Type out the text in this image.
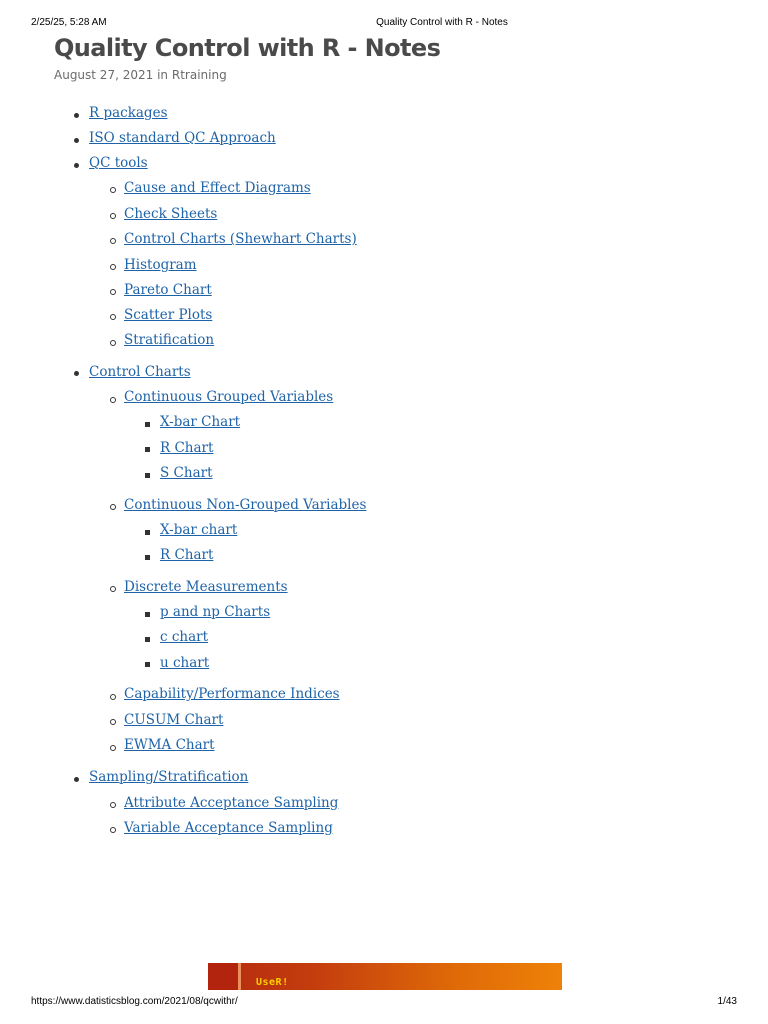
2/25/25, 5:28 AM	Quality Control with R - Notes
Quality Control with R - Notes
August 27, 2021 in Rtraining
R packages
ISO standard QC Approach
QC tools
Cause and Effect Diagrams
Check Sheets
Control Charts (Shewhart Charts)
Histogram
Pareto Chart
Scatter Plots
Stratification
Control Charts
Continuous Grouped Variables
X-bar Chart
R Chart
S Chart
Continuous Non-Grouped Variables
X-bar chart
R Chart
Discrete Measurements
p and np Charts
c chart
u chart
Capability/Performance Indices
CUSUM Chart
EWMA Chart
Sampling/Stratification
Attribute Acceptance Sampling
Variable Acceptance Sampling
UseR!
https://www.datisticsblog.com/2021/08/qcwithr/	1/43
